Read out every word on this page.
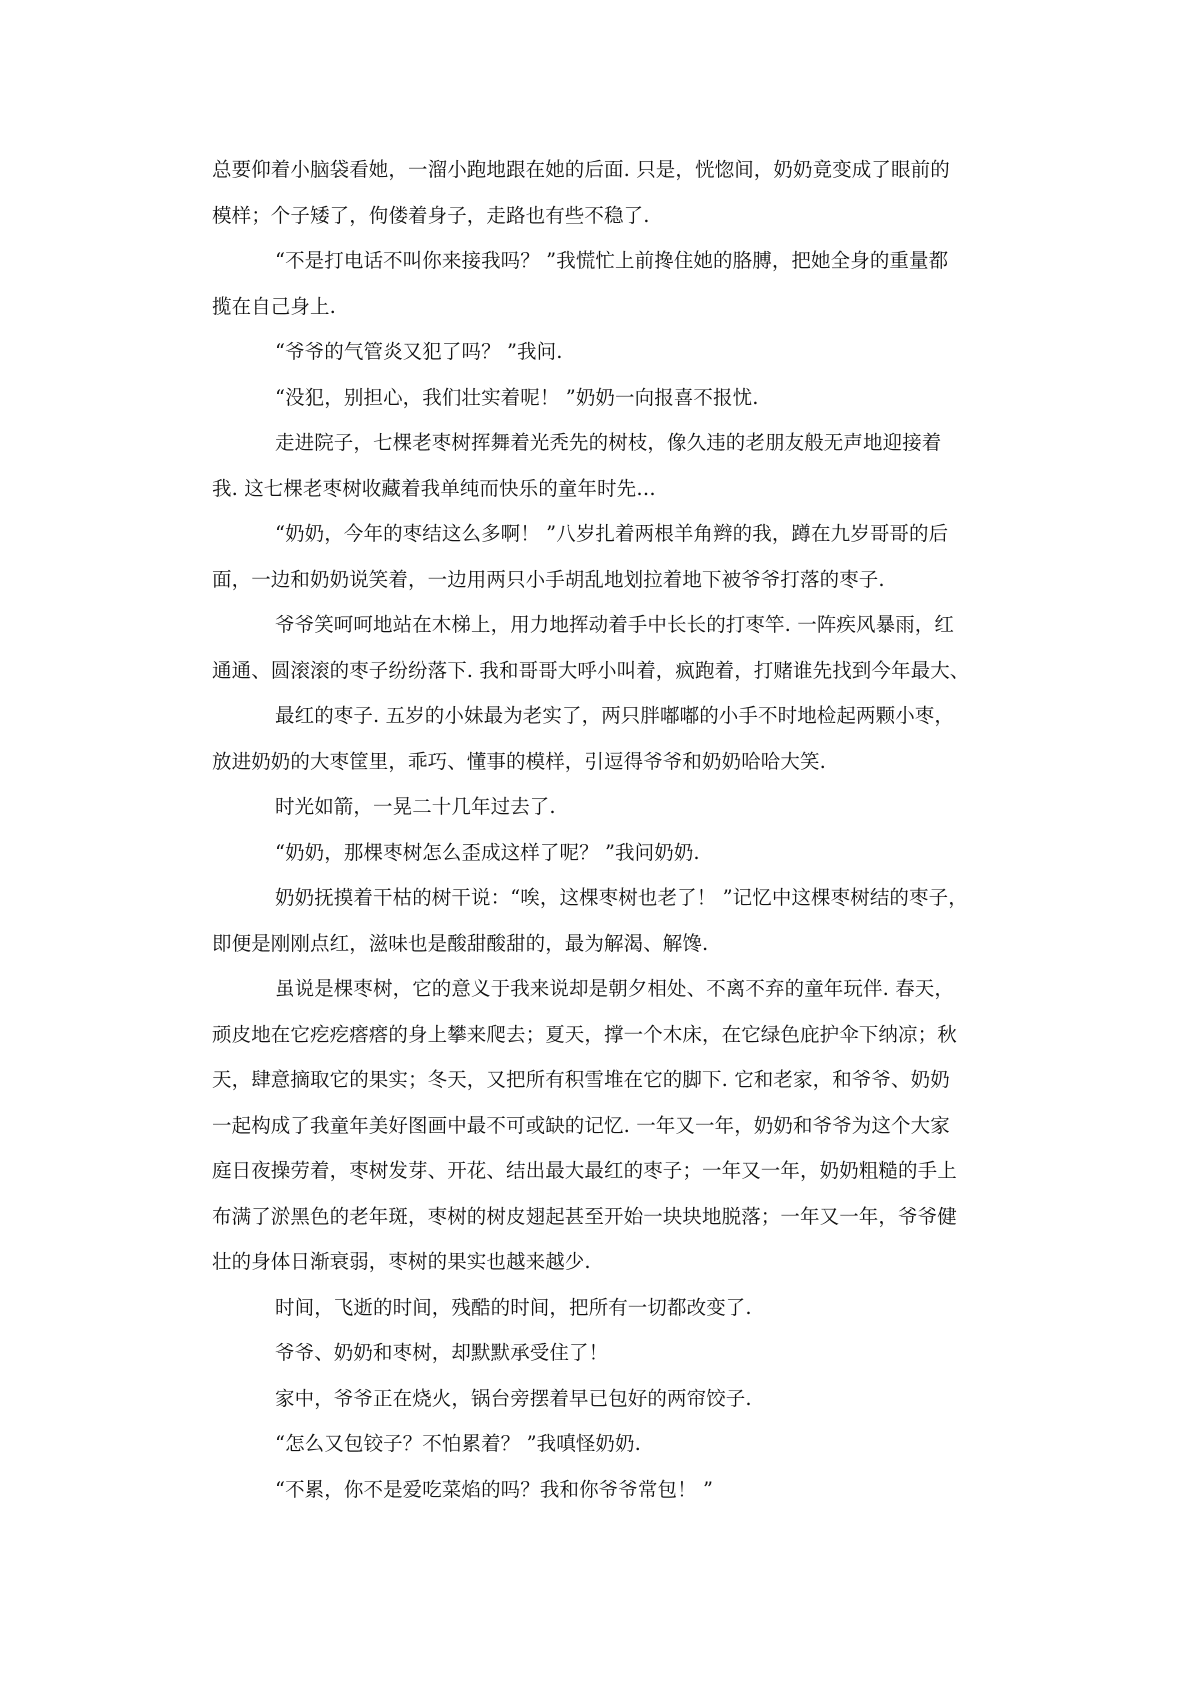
总要仰着小脑袋看她，一溜小跑地跟在她的后面. 只是，恍惚间，奶奶竟变成了眼前的
模样；个子矮了，佝偻着身子，走路也有些不稳了.
“不是打电话不叫你来接我吗？ ”我慌忙上前搀住她的胳膊，把她全身的重量都
揽在自己身上.
“爷爷的气管炎又犯了吗？ ”我问.
“没犯，别担心，我们壮实着呢！ ”奶奶一向报喜不报忧.
走进院子，七棵老枣树挥舞着光秃先的树枝，像久违的老朋友般无声地迎接着
我. 这七棵老枣树收藏着我单纯而快乐的童年时先…
“奶奶，今年的枣结这么多啊！ ”八岁扎着两根羊角辫的我，蹲在九岁哥哥的后
面，一边和奶奶说笑着，一边用两只小手胡乱地划拉着地下被爷爷打落的枣子.
爷爷笑呵呵地站在木梯上，用力地挥动着手中长长的打枣竿. 一阵疾风暴雨，红
通通、圆滚滚的枣子纷纷落下. 我和哥哥大呼小叫着，疯跑着，打赌谁先找到今年最大、
最红的枣子. 五岁的小妹最为老实了，两只胖嘟嘟的小手不时地检起两颗小枣，
放进奶奶的大枣筐里，乖巧、懂事的模样，引逗得爷爷和奶奶哈哈大笑.
时光如箭，一晃二十几年过去了.
“奶奶，那棵枣树怎么歪成这样了呢？ ”我问奶奶.
奶奶抚摸着干枯的树干说：“唉，这棵枣树也老了！ ”记忆中这棵枣树结的枣子，
即便是刚刚点红，滋味也是酸甜酸甜的，最为解渴、解馋.
虽说是棵枣树，它的意义于我来说却是朝夕相处、不离不弃的童年玩伴. 春天，
顽皮地在它疙疙瘩瘩的身上攀来爬去；夏天，撑一个木床，在它绿色庇护伞下纳凉；秋
天，肆意摘取它的果实；冬天，又把所有积雪堆在它的脚下. 它和老家，和爷爷、奶奶
一起构成了我童年美好图画中最不可或缺的记忆. 一年又一年，奶奶和爷爷为这个大家
庭日夜操劳着，枣树发芽、开花、结出最大最红的枣子；一年又一年，奶奶粗糙的手上
布满了淤黑色的老年斑，枣树的树皮翅起甚至开始一块块地脱落；一年又一年，爷爷健
壮的身体日渐衰弱，枣树的果实也越来越少.
时间，飞逝的时间，残酷的时间，把所有一切都改变了.
爷爷、奶奶和枣树，却默默承受住了！
家中，爷爷正在烧火，锅台旁摆着早已包好的两帘饺子.
“怎么又包铰子？不怕累着？ ”我嗔怪奶奶.
“不累，你不是爱吃菜焰的吗？我和你爷爷常包！ ”
